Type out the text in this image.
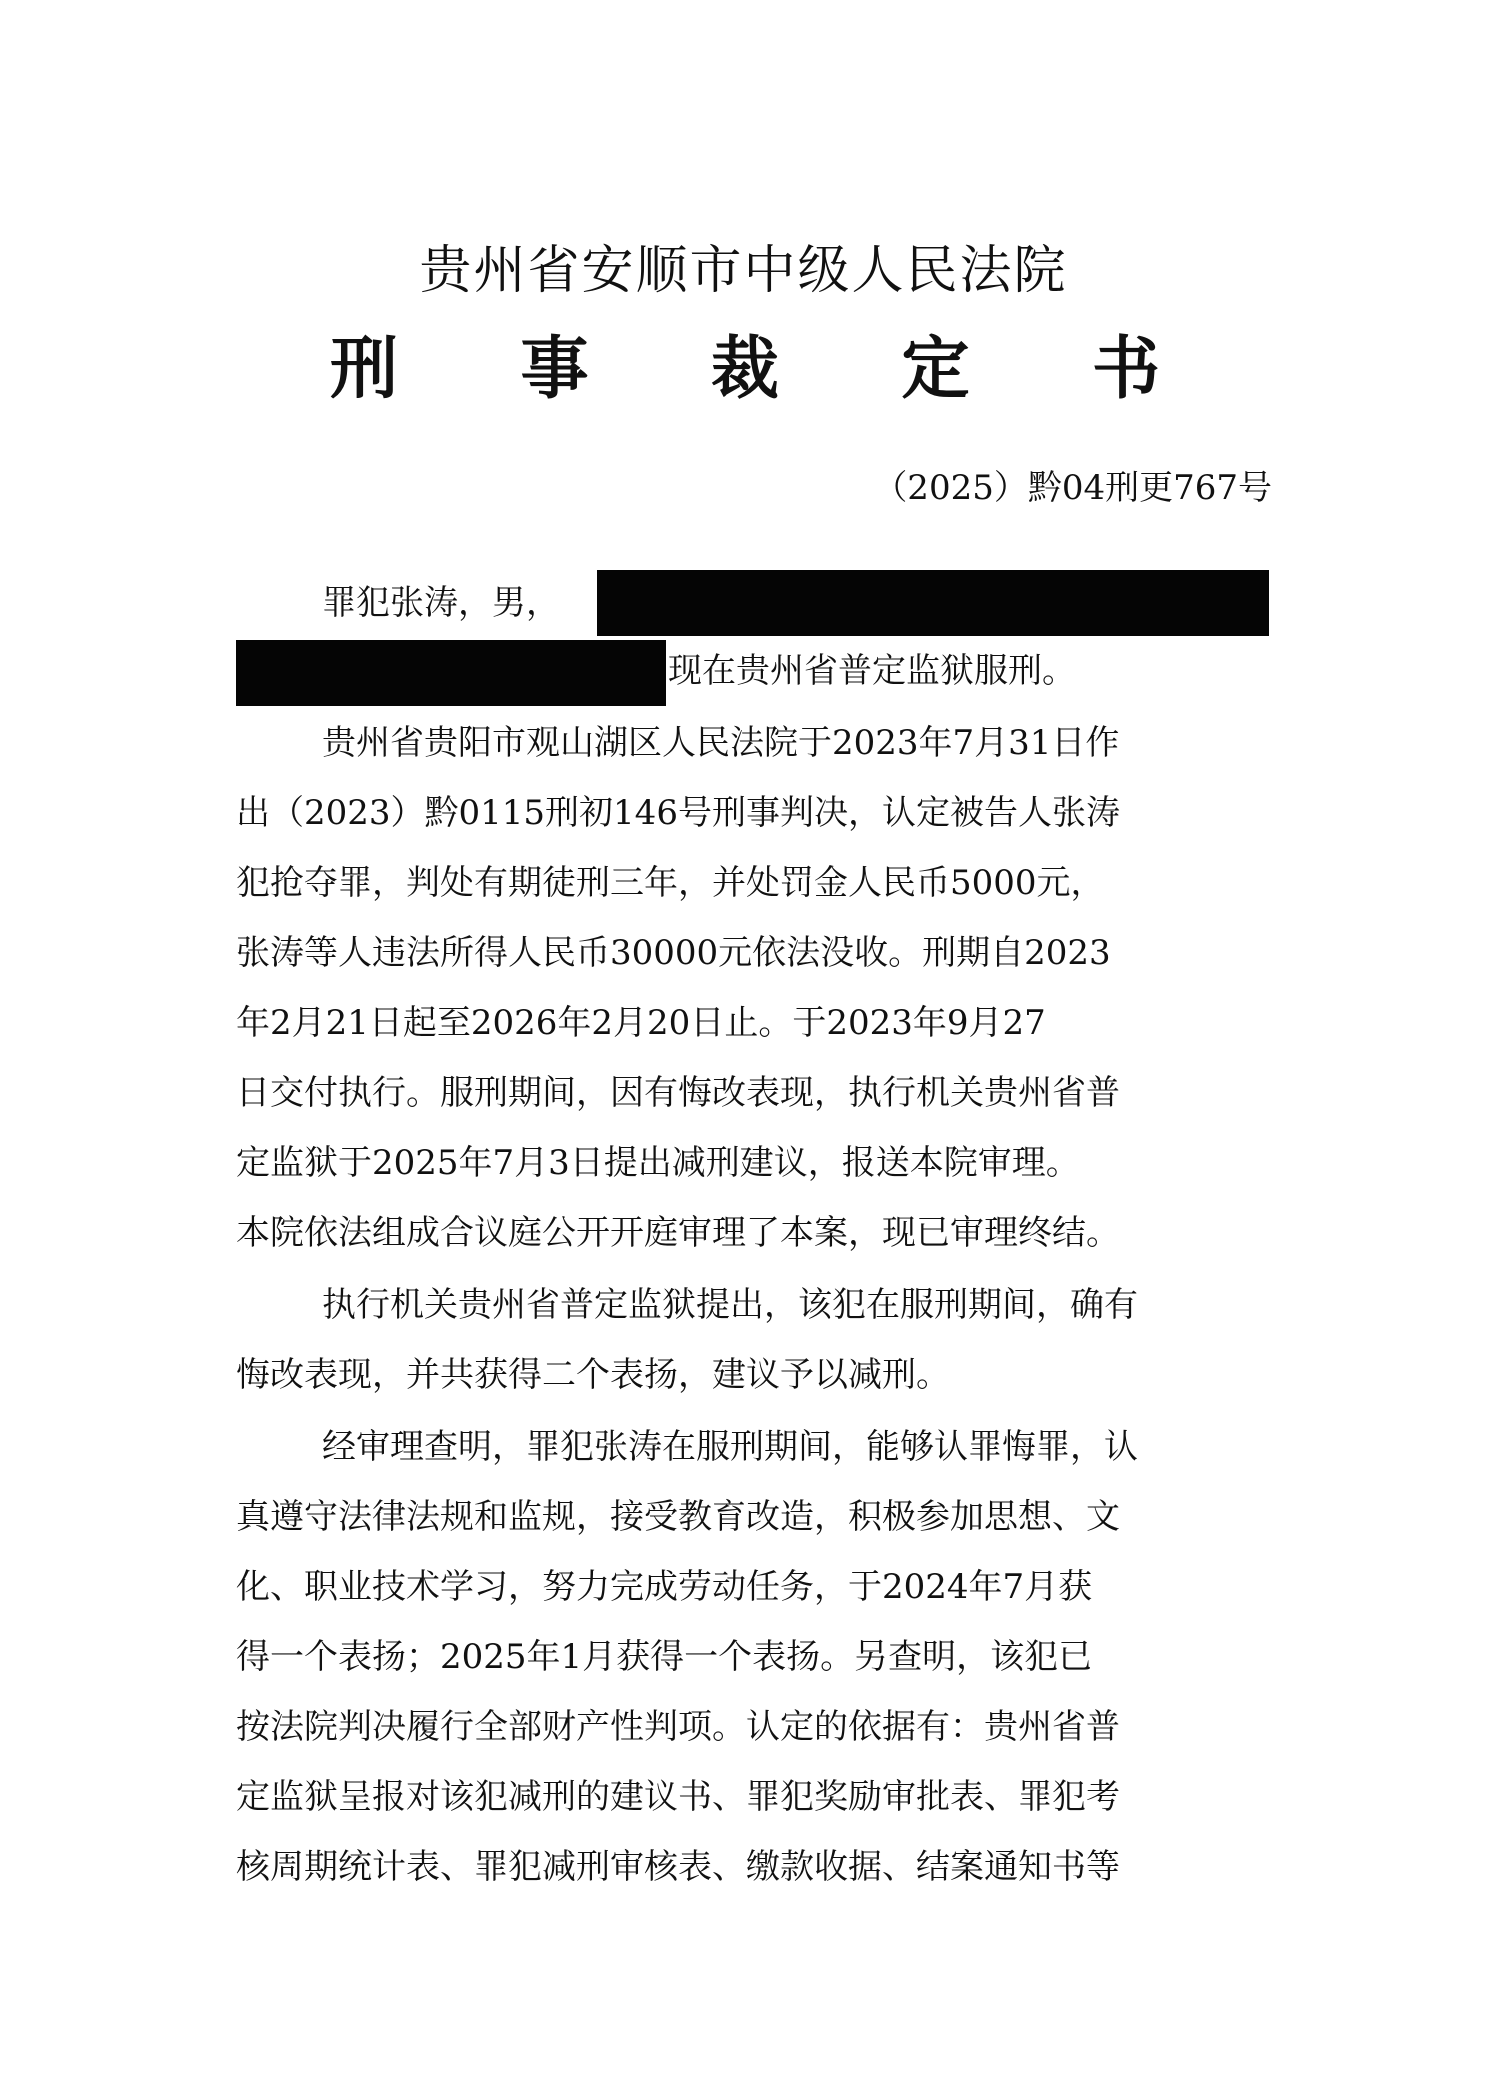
贵州省安顺市中级人民法院
刑 事 裁 定 书
（2025）黔04刑更767号
罪犯张涛，男，
现在贵州省普定监狱服刑。
贵州省贵阳市观山湖区人民法院于2023年7月31日作
出（2023）黔0115刑初146号刑事判决，认定被告人张涛
犯抢夺罪，判处有期徒刑三年，并处罚金人民币5000元，
张涛等人违法所得人民币30000元依法没收。刑期自2023
年2月21日起至2026年2月20日止。于2023年9月27
日交付执行。服刑期间，因有悔改表现，执行机关贵州省普
定监狱于2025年7月3日提出减刑建议，报送本院审理。
本院依法组成合议庭公开开庭审理了本案，现已审理终结。
执行机关贵州省普定监狱提出，该犯在服刑期间，确有
悔改表现，并共获得二个表扬，建议予以减刑。
经审理查明，罪犯张涛在服刑期间，能够认罪悔罪，认
真遵守法律法规和监规，接受教育改造，积极参加思想、文
化、职业技术学习，努力完成劳动任务，于2024年7月获
得一个表扬；2025年1月获得一个表扬。另查明，该犯已
按法院判决履行全部财产性判项。认定的依据有：贵州省普
定监狱呈报对该犯减刑的建议书、罪犯奖励审批表、罪犯考
核周期统计表、罪犯减刑审核表、缴款收据、结案通知书等
